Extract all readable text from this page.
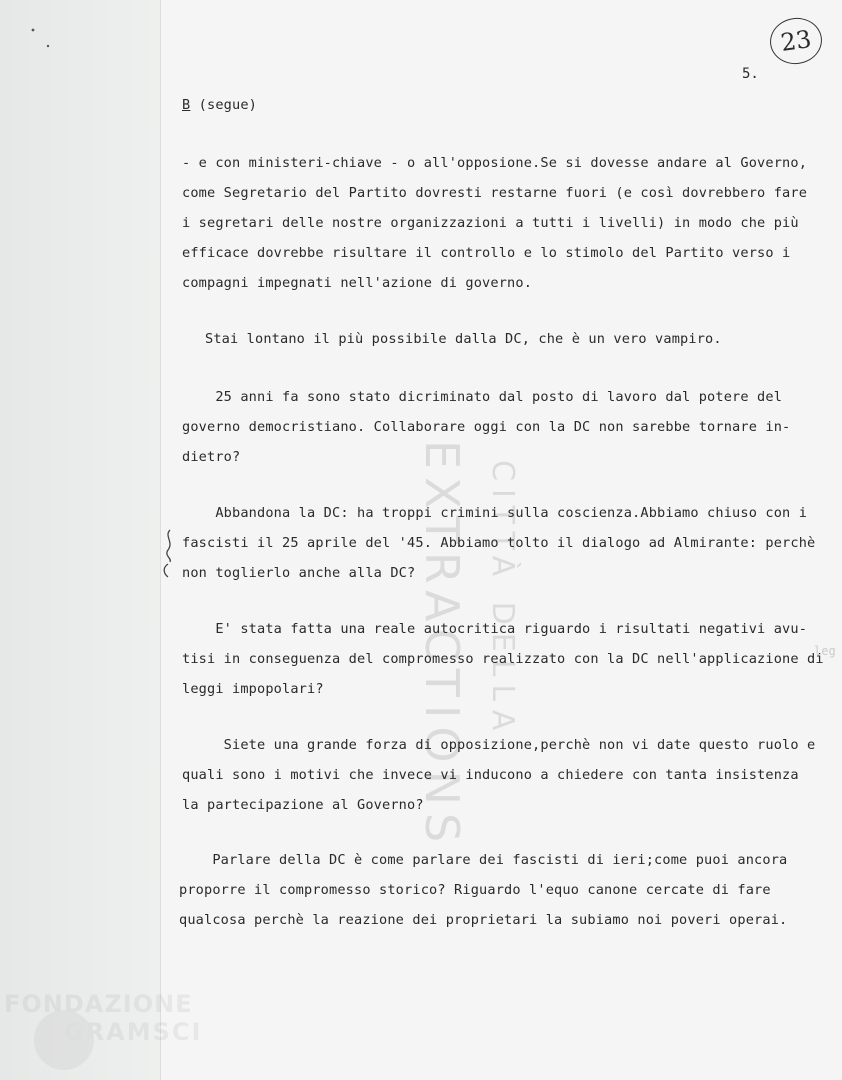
23
5.
B (segue)
- e con ministeri-chiave - o all'opposione.Se si dovesse andare al Governo,
come Segretario del Partito dovresti restarne fuori (e così dovrebbero fare
i segretari delle nostre organizzazioni a tutti i livelli) in modo che più
efficace dovrebbe risultare il controllo e lo stimolo del Partito verso i
compagni impegnati nell'azione di governo.
Stai lontano il più possibile dalla DC, che è un vero vampiro.
25 anni fa sono stato dicriminato dal posto di lavoro dal potere del
governo democristiano. Collaborare oggi con la DC non sarebbe tornare in-
dietro?
Abbandona la DC: ha troppi crimini sulla coscienza.Abbiamo chiuso con i
fascisti il 25 aprile del '45. Abbiamo tolto il dialogo ad Almirante: perchè
non toglierlo anche alla DC?
E' stata fatta una reale autocritica riguardo i risultati negativi avu-
tisi in conseguenza del compromesso realizzato con la DC nell'applicazione di
leggi impopolari?
Siete una grande forza di opposizione,perchè non vi date questo ruolo e
quali sono i motivi che invece vi inducono a chiedere con tanta insistenza
la partecipazione al Governo?
Parlare della DC è come parlare dei fascisti di ieri;come puoi ancora
proporre il compromesso storico? Riguardo l'equo canone cercate di fare
qualcosa perchè la reazione dei proprietari la subiamo noi poveri operai.
leg
FONDAZIONE
GRAMSCI
